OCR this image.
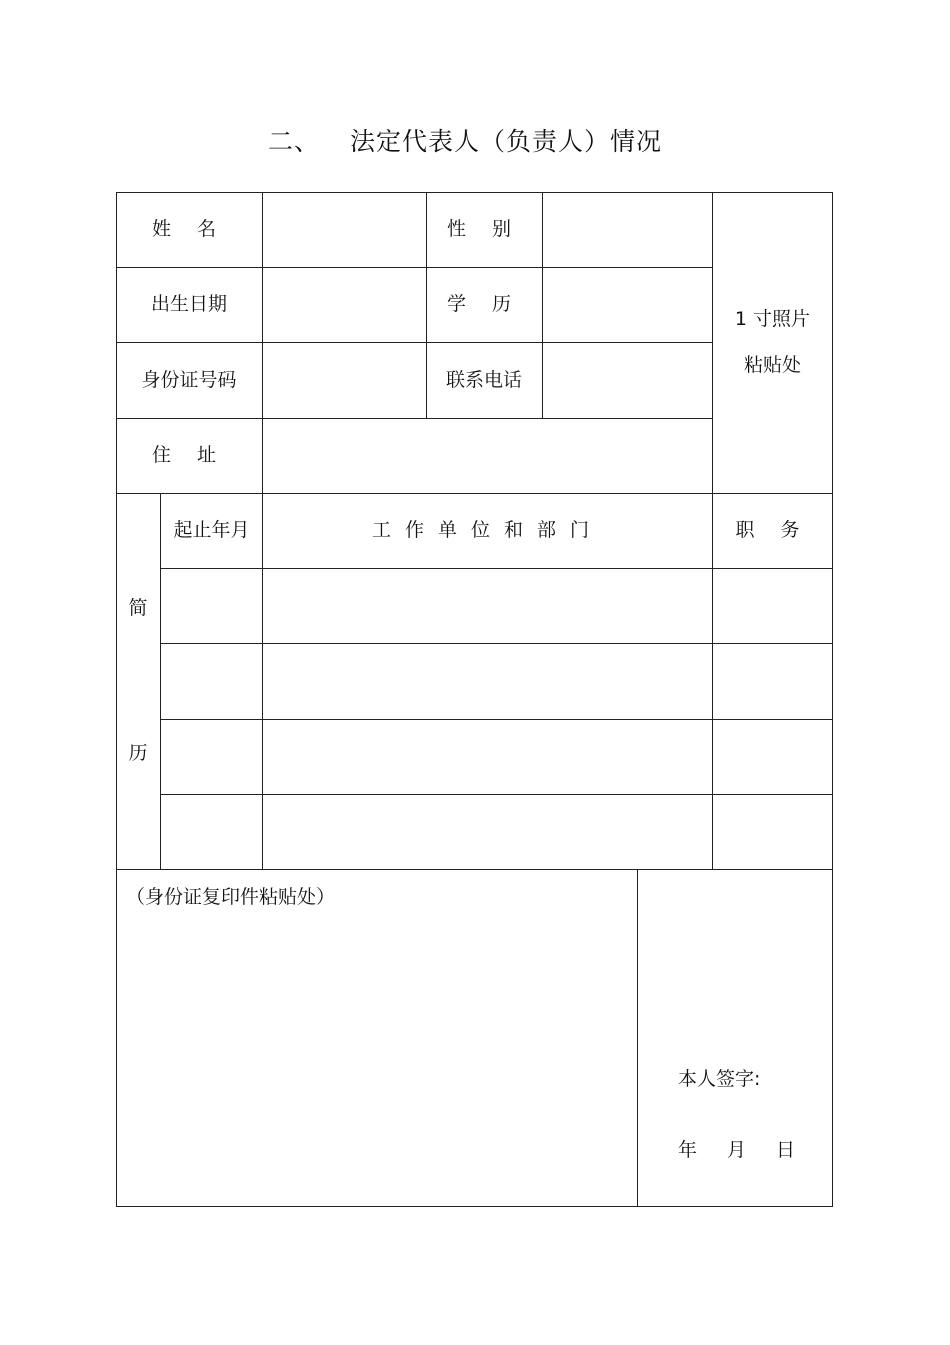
二、 法定代表人（负责人）情况
姓 名	性 别
出生日期	学 历
身份证号码	联系电话
住 址
1 寸照片
粘贴处
简
历
起止年月	工作单位和部门	职 务
（身份证复印件粘贴处）
本人签字:
年 月 日
